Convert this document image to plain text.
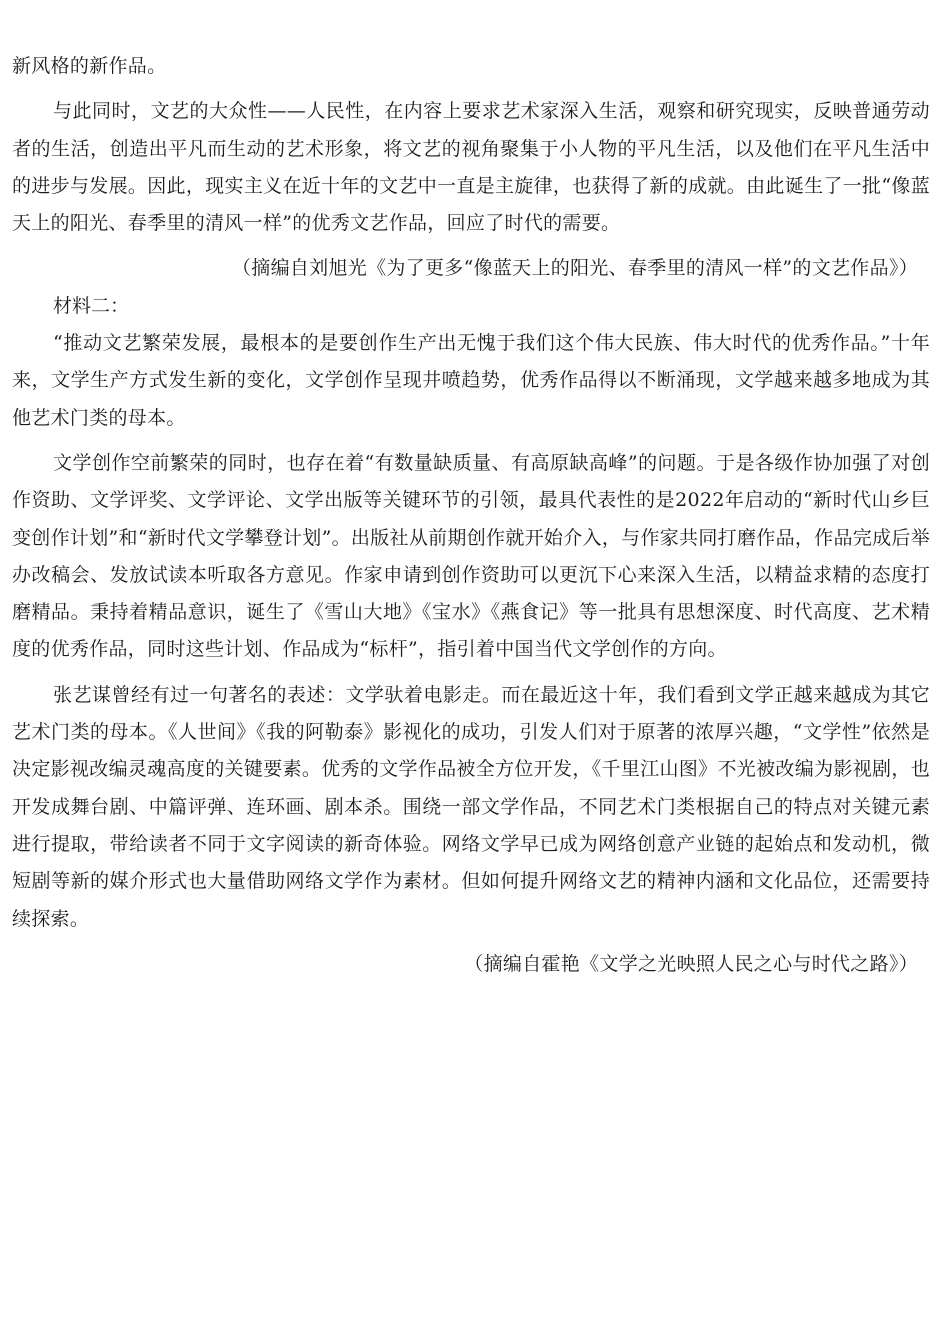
新风格的新作品。

与此同时，文艺的大众性——人民性，在内容上要求艺术家深入生活，观察和研究现实，反映普通劳动者的生活，创造出平凡而生动的艺术形象，将文艺的视角聚集于小人物的平凡生活，以及他们在平凡生活中的进步与发展。因此，现实主义在近十年的文艺中一直是主旋律，也获得了新的成就。由此诞生了一批“像蓝天上的阳光、春季里的清风一样”的优秀文艺作品，回应了时代的需要。

（摘编自刘旭光《为了更多“像蓝天上的阳光、春季里的清风一样”的文艺作品》）

材料二：

“推动文艺繁荣发展，最根本的是要创作生产出无愧于我们这个伟大民族、伟大时代的优秀作品。”十年来，文学生产方式发生新的变化，文学创作呈现井喷趋势，优秀作品得以不断涌现，文学越来越多地成为其他艺术门类的母本。

文学创作空前繁荣的同时，也存在着“有数量缺质量、有高原缺高峰”的问题。于是各级作协加强了对创作资助、文学评奖、文学评论、文学出版等关键环节的引领，最具代表性的是2022年启动的“新时代山乡巨变创作计划”和“新时代文学攀登计划”。出版社从前期创作就开始介入，与作家共同打磨作品，作品完成后举办改稿会、发放试读本听取各方意见。作家申请到创作资助可以更沉下心来深入生活，以精益求精的态度打磨精品。秉持着精品意识，诞生了《雪山大地》《宝水》《燕食记》等一批具有思想深度、时代高度、艺术精度的优秀作品，同时这些计划、作品成为“标杆”，指引着中国当代文学创作的方向。

张艺谋曾经有过一句著名的表述：文学驮着电影走。而在最近这十年，我们看到文学正越来越成为其它艺术门类的母本。《人世间》《我的阿勒泰》影视化的成功，引发人们对于原著的浓厚兴趣，“文学性”依然是决定影视改编灵魂高度的关键要素。优秀的文学作品被全方位开发，《千里江山图》不光被改编为影视剧，也开发成舞台剧、中篇评弹、连环画、剧本杀。围绕一部文学作品，不同艺术门类根据自己的特点对关键元素进行提取，带给读者不同于文字阅读的新奇体验。网络文学早已成为网络创意产业链的起始点和发动机，微短剧等新的媒介形式也大量借助网络文学作为素材。但如何提升网络文艺的精神内涵和文化品位，还需要持续探索。

（摘编自霍艳《文学之光映照人民之心与时代之路》）
